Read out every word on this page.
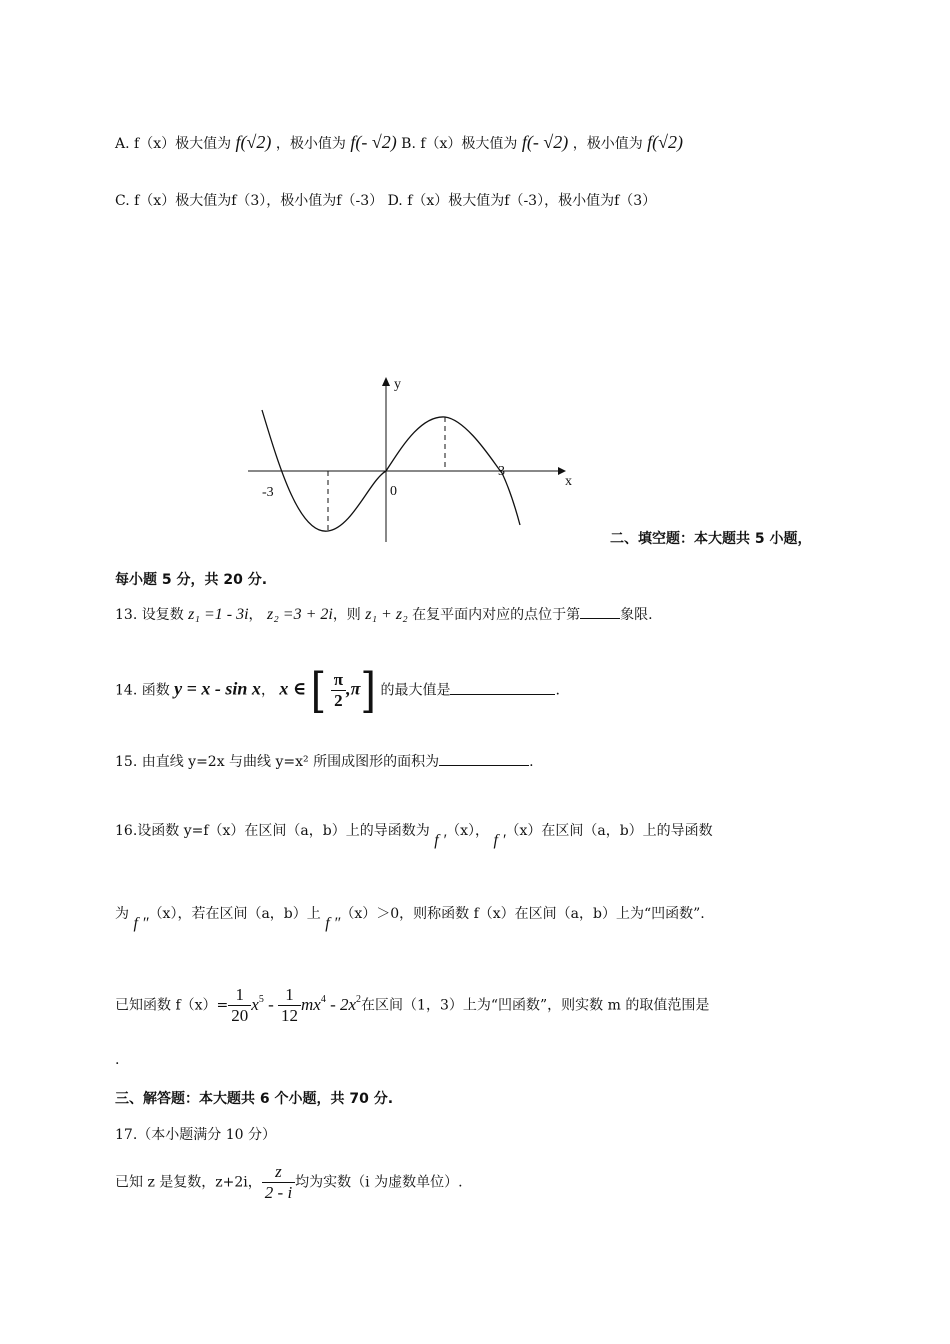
A. f（x）极大值为 f(√2) ，极小值为 f(- √2) B. f（x）极大值为 f(- √2) ，极小值为 f(√2)
C. f（x）极大值为f（3），极小值为f（-3） D. f（x）极大值为f（-3），极小值为f（3）
y
x
-3	0
3
二、填空题：本大题共 5 小题，
每小题 5 分，共 20 分.
13. 设复数 z₁ =1 - 3i， z₂ =3 + 2i，则 z₁ + z₂ 在复平面内对应的点位于第	象限.
14. 函数 y = x - sin x， x ∈ [ $\frac{\pi}{2} ,\pi$] 的最大值是	.
15. 由直线 y=2x 与曲线 y=x² 所围成图形的面积为	.
16.设函数 y=f（x）在区间（a，b）上的导函数为 f ′（x）， f ′（x）在区间（a，b）上的导函数
为 f ″（x），若在区间（a，b）上 f ″（x）＞0，则称函数 f（x）在区间（a，b）上为“凹函数”.
已知函数 $f(x)= \frac{1}{20} x^5 - \frac{1}{12} mx^4 - 2x^2$在区间（1，3）上为“凹函数”，则实数 m 的取值范围是
.
三、解答题：本大题共 6 个小题，共 70 分.
17.（本小题满分 10 分）
已知 z 是复数，z+2i， $\frac{z}{2 - i}$ 均为实数（i 为虚数单位）.
